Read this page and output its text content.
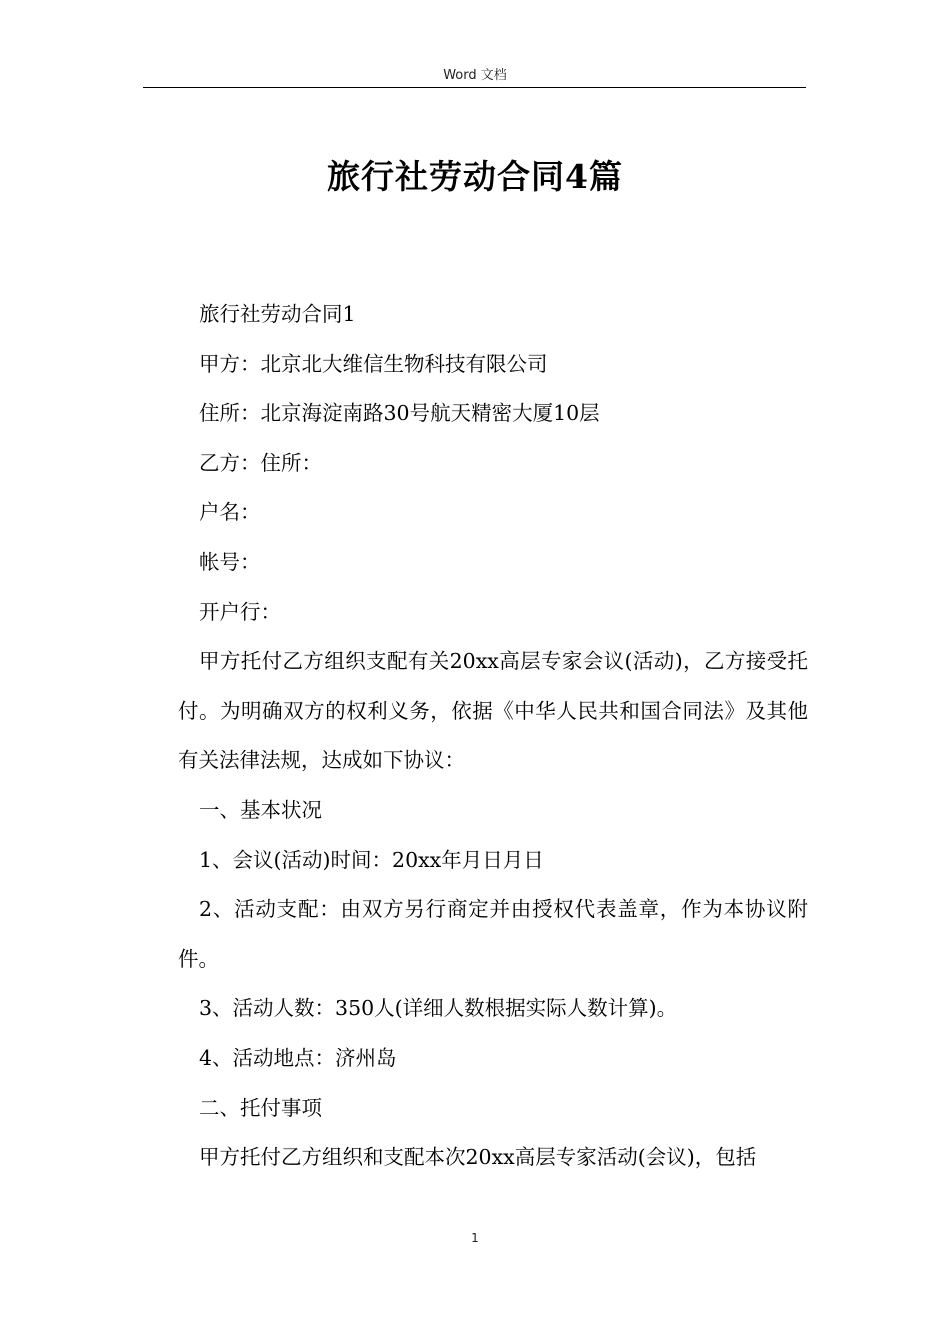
Word 文档
旅行社劳动合同4篇

旅行社劳动合同1

甲方：北京北大维信生物科技有限公司

住所：北京海淀南路30号航天精密大厦10层

乙方：住所：

户名：

帐号：

开户行：

甲方托付乙方组织支配有关20xx高层专家会议(活动)，乙方接受托付。为明确双方的权利义务，依据《中华人民共和国合同法》及其他有关法律法规，达成如下协议：

一、基本状况

1、会议(活动)时间：20xx年月日月日

2、活动支配：由双方另行商定并由授权代表盖章，作为本协议附件。

3、活动人数：350人(详细人数根据实际人数计算)。

4、活动地点：济州岛

二、托付事项

甲方托付乙方组织和支配本次20xx高层专家活动(会议)，包括

1
